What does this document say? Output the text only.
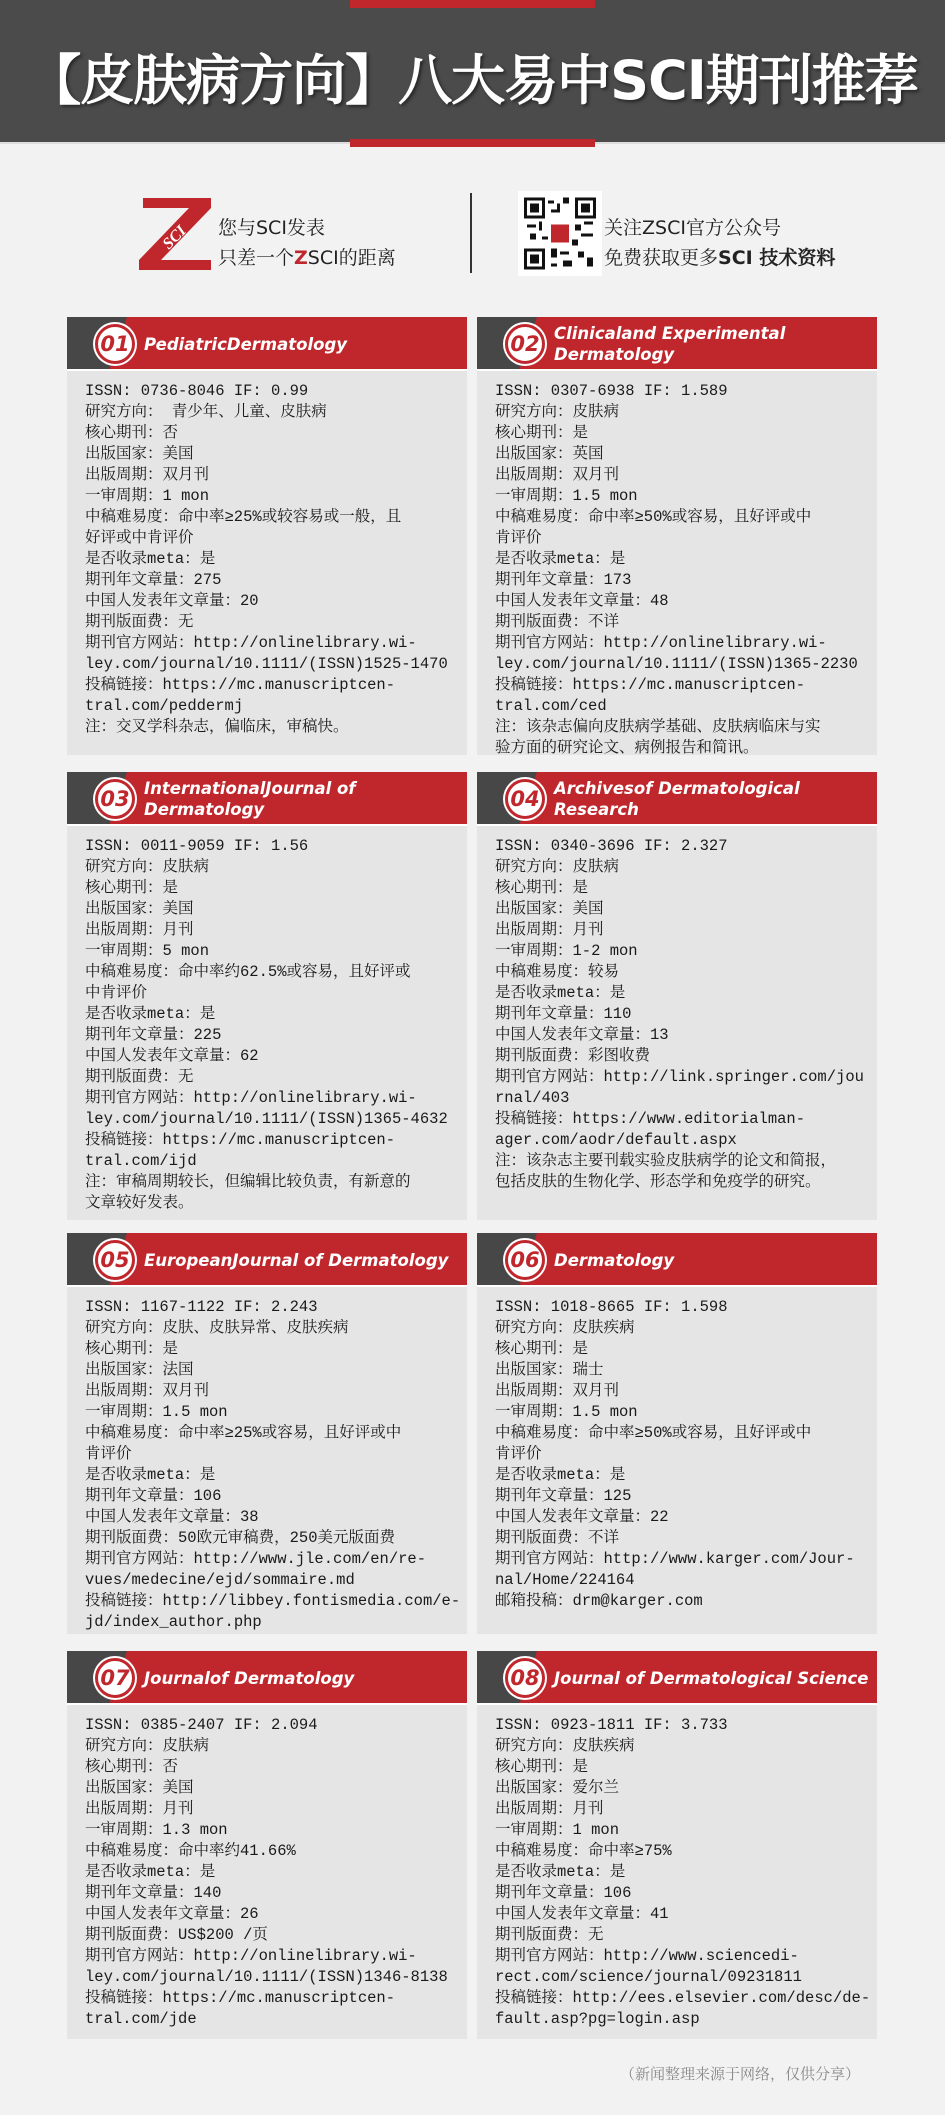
【皮肤病方向】八大易中SCI期刊推荐
SCI 您与SCI发表
只差一个ZSCI的距离
关注ZSCI官方公众号
免费获取更多SCI 技术资料
01 PediatricDermatology
ISSN: 0736-8046 IF: 0.99
研究方向： 青少年、儿童、皮肤病
核心期刊：否
出版国家：美国
出版周期：双月刊
一审周期：1 mon
中稿难易度：命中率≥25%或较容易或一般，且
好评或中肯评价
是否收录meta：是
期刊年文章量：275
中国人发表年文章量：20
期刊版面费：无
期刊官方网站：http://onlinelibrary.wi-
ley.com/journal/10.1111/(ISSN)1525-1470
投稿链接：https://mc.manuscriptcen-
tral.com/peddermj
注：交叉学科杂志，偏临床，审稿快。
02 Clinicaland Experimental Dermatology
ISSN: 0307-6938 IF: 1.589
研究方向：皮肤病
核心期刊：是
出版国家：英国
出版周期：双月刊
一审周期：1.5 mon
中稿难易度：命中率≥50%或容易，且好评或中
肯评价
是否收录meta：是
期刊年文章量：173
中国人发表年文章量：48
期刊版面费：不详
期刊官方网站：http://onlinelibrary.wi-
ley.com/journal/10.1111/(ISSN)1365-2230
投稿链接：https://mc.manuscriptcen-
tral.com/ced
注：该杂志偏向皮肤病学基础、皮肤病临床与实
验方面的研究论文、病例报告和简讯。
03 InternationalJournal of Dermatology
ISSN: 0011-9059 IF: 1.56
研究方向：皮肤病
核心期刊：是
出版国家：美国
出版周期：月刊
一审周期：5 mon
中稿难易度：命中率约62.5%或容易，且好评或
中肯评价
是否收录meta：是
期刊年文章量：225
中国人发表年文章量：62
期刊版面费：无
期刊官方网站：http://onlinelibrary.wi-
ley.com/journal/10.1111/(ISSN)1365-4632
投稿链接：https://mc.manuscriptcen-
tral.com/ijd
注：审稿周期较长，但编辑比较负责，有新意的
文章较好发表。
04 Archivesof Dermatological Research
ISSN: 0340-3696 IF: 2.327
研究方向：皮肤病
核心期刊：是
出版国家：美国
出版周期：月刊
一审周期：1-2 mon
中稿难易度：较易
是否收录meta：是
期刊年文章量：110
中国人发表年文章量：13
期刊版面费：彩图收费
期刊官方网站：http://link.springer.com/jou
rnal/403
投稿链接：https://www.editorialman-
ager.com/aodr/default.aspx
注：该杂志主要刊载实验皮肤病学的论文和简报，
包括皮肤的生物化学、形态学和免疫学的研究。
05 EuropeanJournal of Dermatology
ISSN: 1167-1122 IF: 2.243
研究方向：皮肤、皮肤异常、皮肤疾病
核心期刊：是
出版国家：法国
出版周期：双月刊
一审周期：1.5 mon
中稿难易度：命中率≥25%或容易，且好评或中
肯评价
是否收录meta：是
期刊年文章量：106
中国人发表年文章量：38
期刊版面费：50欧元审稿费，250美元版面费
期刊官方网站：http://www.jle.com/en/re-
vues/medecine/ejd/sommaire.md
投稿链接：http://libbey.fontismedia.com/e-
jd/index_author.php
06 Dermatology
ISSN: 1018-8665 IF: 1.598
研究方向：皮肤疾病
核心期刊：是
出版国家：瑞士
出版周期：双月刊
一审周期：1.5 mon
中稿难易度：命中率≥50%或容易，且好评或中
肯评价
是否收录meta：是
期刊年文章量：125
中国人发表年文章量：22
期刊版面费：不详
期刊官方网站：http://www.karger.com/Jour-
nal/Home/224164
邮箱投稿：drm@karger.com
07 Journalof Dermatology
ISSN: 0385-2407 IF: 2.094
研究方向：皮肤病
核心期刊：否
出版国家：美国
出版周期：月刊
一审周期：1.3 mon
中稿难易度：命中率约41.66%
是否收录meta：是
期刊年文章量：140
中国人发表年文章量：26
期刊版面费：US$200 /页
期刊官方网站：http://onlinelibrary.wi-
ley.com/journal/10.1111/(ISSN)1346-8138
投稿链接：https://mc.manuscriptcen-
tral.com/jde
08 Journal of Dermatological Science
ISSN: 0923-1811 IF: 3.733
研究方向：皮肤疾病
核心期刊：是
出版国家：爱尔兰
出版周期：月刊
一审周期：1 mon
中稿难易度：命中率≥75%
是否收录meta：是
期刊年文章量：106
中国人发表年文章量：41
期刊版面费：无
期刊官方网站：http://www.sciencedi-
rect.com/science/journal/09231811
投稿链接：http://ees.elsevier.com/desc/de-
fault.asp?pg=login.asp
（新闻整理来源于网络，仅供分享）
